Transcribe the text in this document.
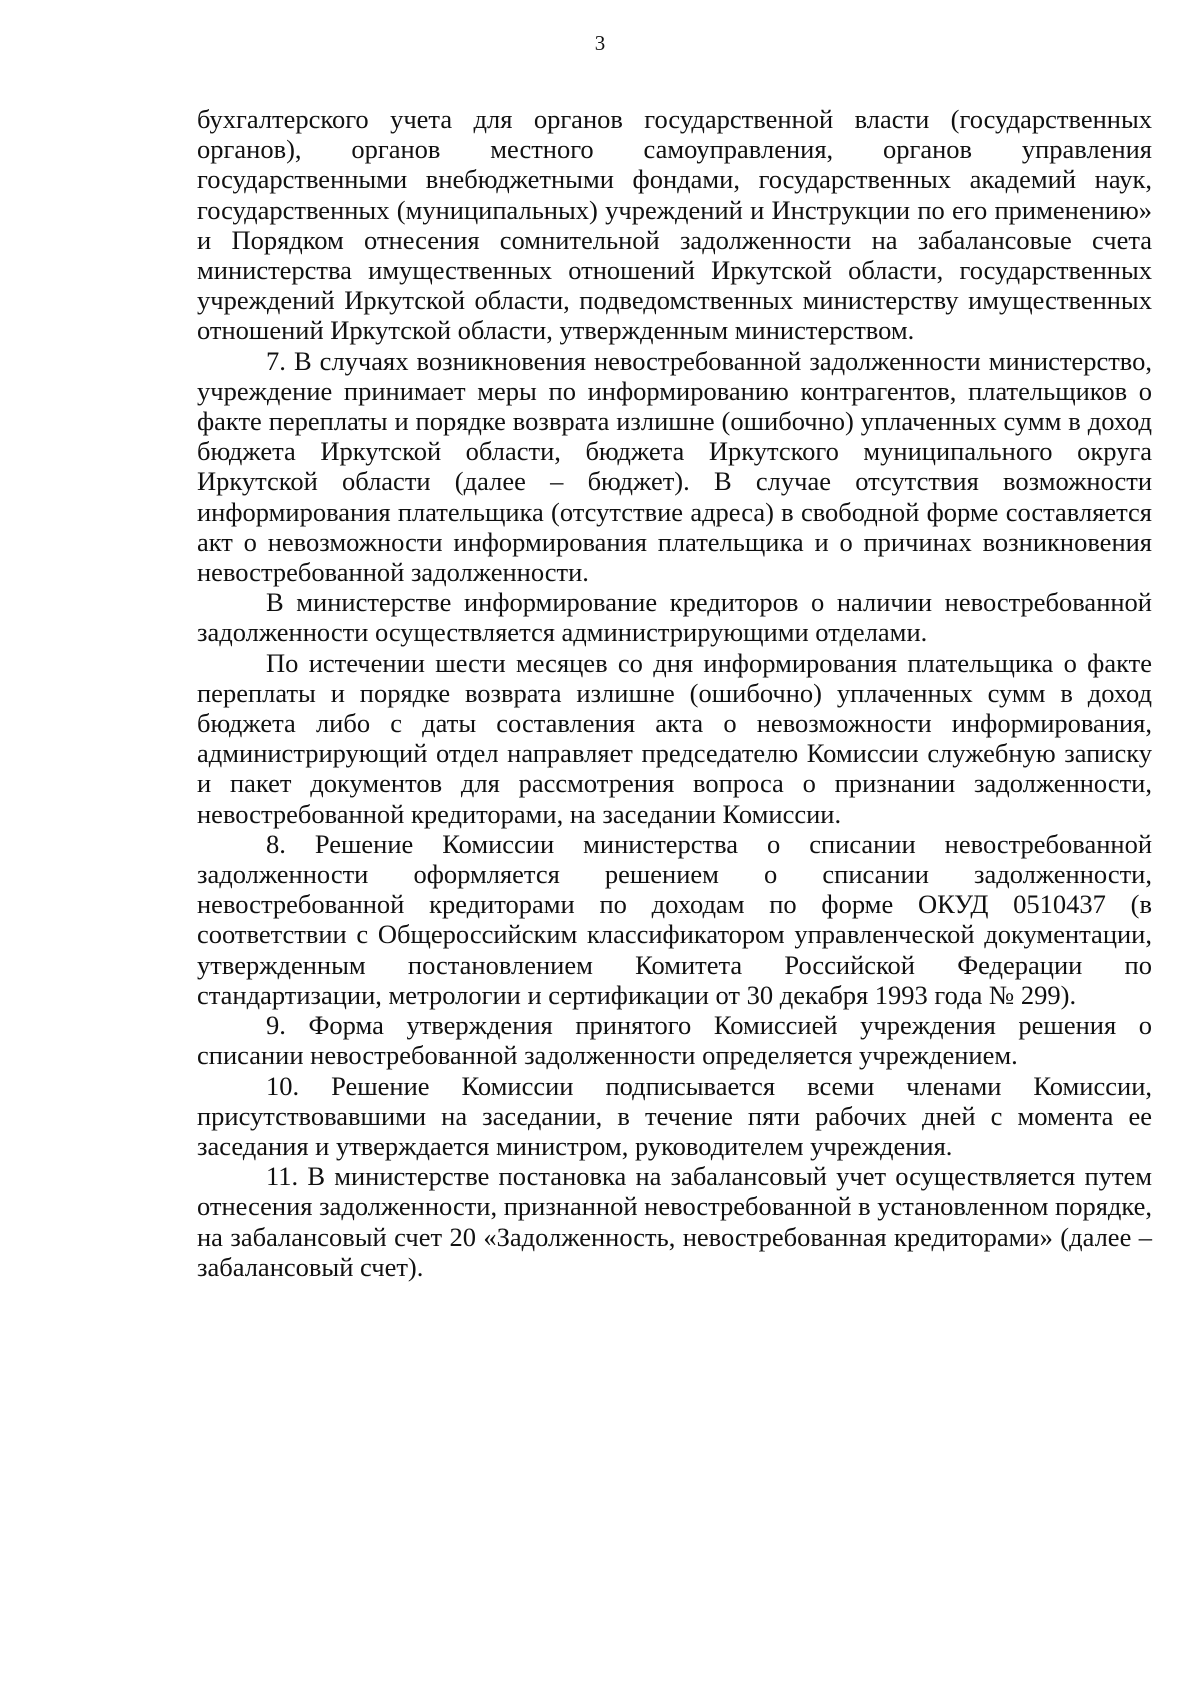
3

бухгалтерского учета для органов государственной власти (государственных органов), органов местного самоуправления, органов управления государственными внебюджетными фондами, государственных академий наук, государственных (муниципальных) учреждений и Инструкции по его применению» и Порядком отнесения сомнительной задолженности на забалансовые счета министерства имущественных отношений Иркутской области, государственных учреждений Иркутской области, подведомственных министерству имущественных отношений Иркутской области, утвержденным министерством.

7. В случаях возникновения невостребованной задолженности министерство, учреждение принимает меры по информированию контрагентов, плательщиков о факте переплаты и порядке возврата излишне (ошибочно) уплаченных сумм в доход бюджета Иркутской области, бюджета Иркутского муниципального округа Иркутской области (далее – бюджет). В случае отсутствия возможности информирования плательщика (отсутствие адреса) в свободной форме составляется акт о невозможности информирования плательщика и о причинах возникновения невостребованной задолженности.

В министерстве информирование кредиторов о наличии невостребованной задолженности осуществляется администрирующими отделами.

По истечении шести месяцев со дня информирования плательщика о факте переплаты и порядке возврата излишне (ошибочно) уплаченных сумм в доход бюджета либо с даты составления акта о невозможности информирования, администрирующий отдел направляет председателю Комиссии служебную записку и пакет документов для рассмотрения вопроса о признании задолженности, невостребованной кредиторами, на заседании Комиссии.

8. Решение Комиссии министерства о списании невостребованной задолженности оформляется решением о списании задолженности, невостребованной кредиторами по доходам по форме ОКУД 0510437 (в соответствии с Общероссийским классификатором управленческой документации, утвержденным постановлением Комитета Российской Федерации по стандартизации, метрологии и сертификации от 30 декабря 1993 года № 299).

9. Форма утверждения принятого Комиссией учреждения решения о списании невостребованной задолженности определяется учреждением.

10. Решение Комиссии подписывается всеми членами Комиссии, присутствовавшими на заседании, в течение пяти рабочих дней с момента ее заседания и утверждается министром, руководителем учреждения.

11. В министерстве постановка на забалансовый учет осуществляется путем отнесения задолженности, признанной невостребованной в установленном порядке, на забалансовый счет 20 «Задолженность, невостребованная кредиторами» (далее – забалансовый счет).
